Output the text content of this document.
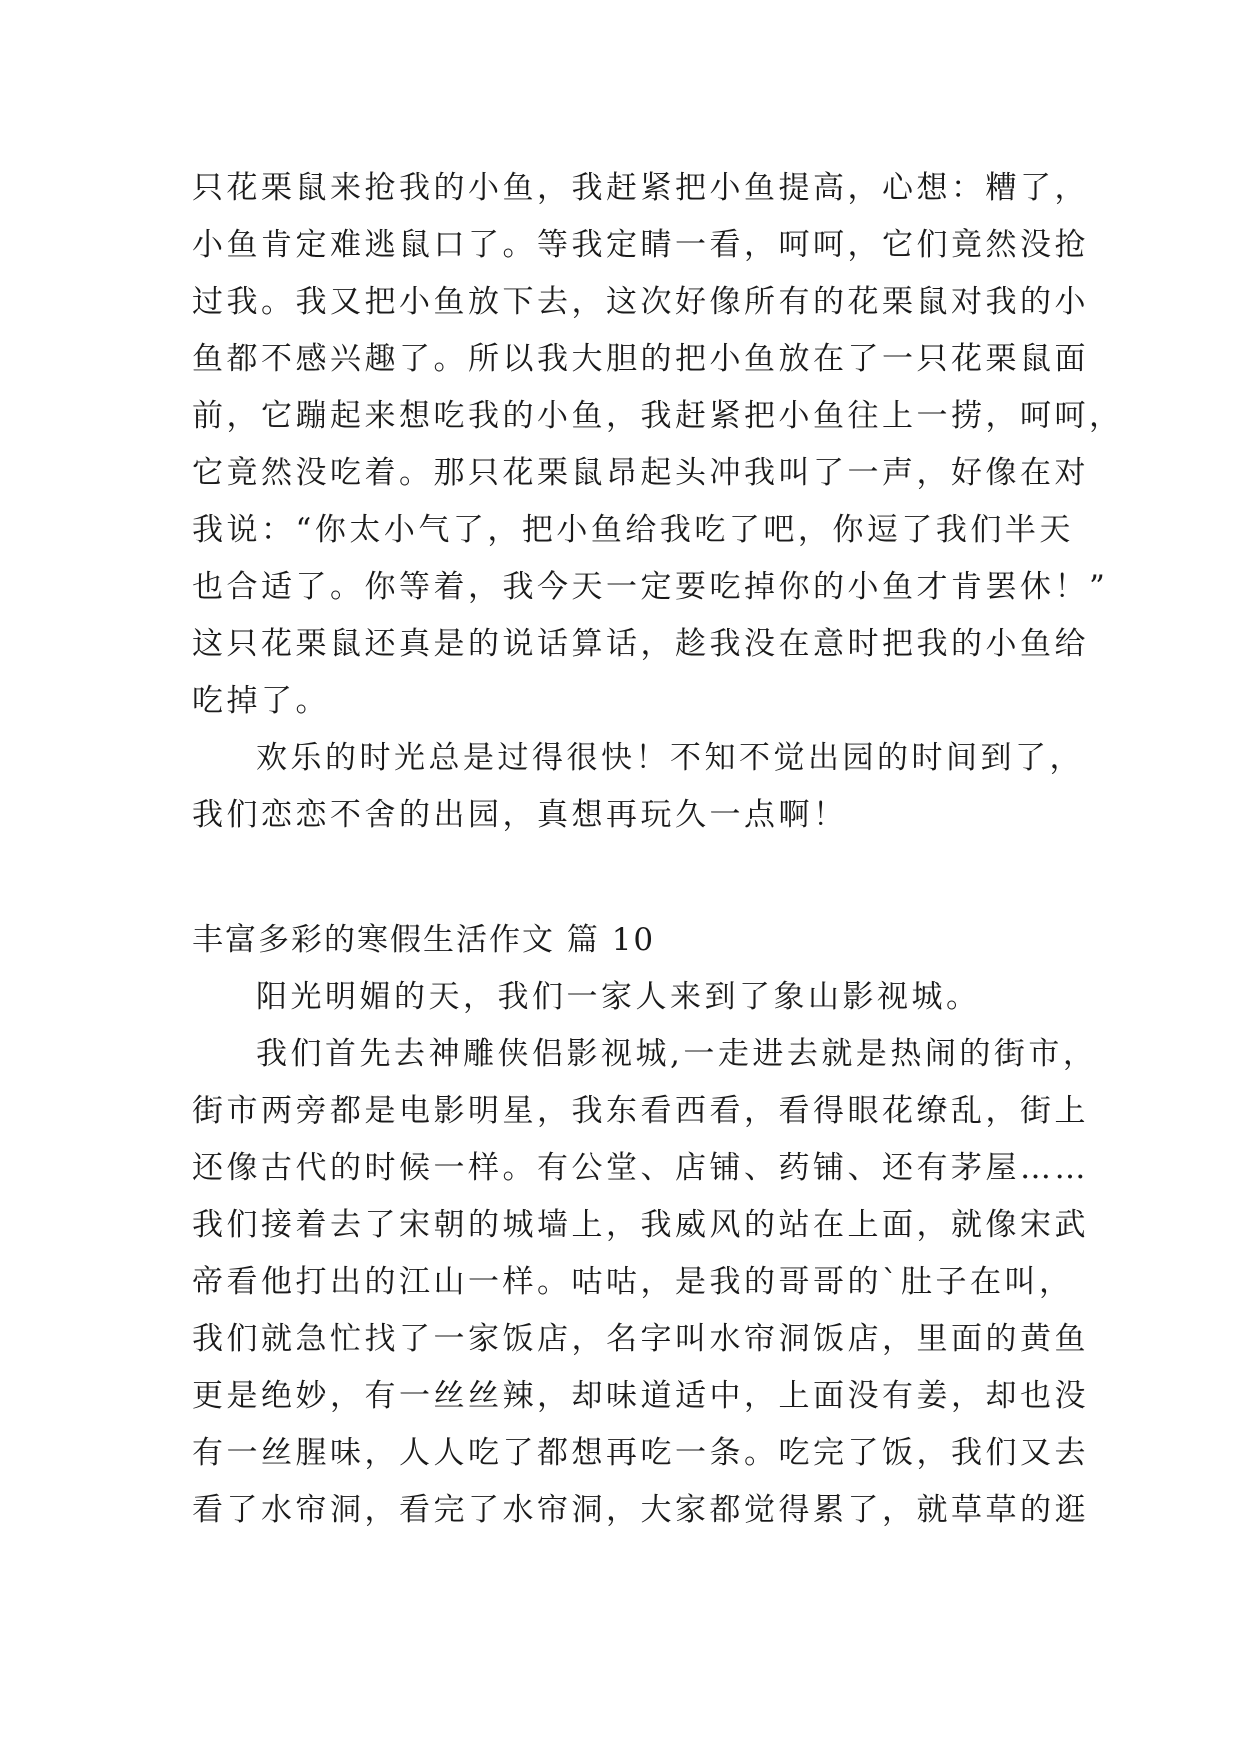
只花栗鼠来抢我的小鱼，我赶紧把小鱼提高，心想：糟了，
小鱼肯定难逃鼠口了。等我定睛一看，呵呵，它们竟然没抢
过我。我又把小鱼放下去，这次好像所有的花栗鼠对我的小
鱼都不感兴趣了。所以我大胆的把小鱼放在了一只花栗鼠面
前，它蹦起来想吃我的小鱼，我赶紧把小鱼往上一捞，呵呵，
它竟然没吃着。那只花栗鼠昂起头冲我叫了一声，好像在对
我说：“你太小气了，把小鱼给我吃了吧，你逗了我们半天
也合适了。你等着，我今天一定要吃掉你的小鱼才肯罢休！”
这只花栗鼠还真是的说话算话，趁我没在意时把我的小鱼给
吃掉了。
欢乐的时光总是过得很快！不知不觉出园的时间到了，
我们恋恋不舍的出园，真想再玩久一点啊！
丰富多彩的寒假生活作文 篇 10
阳光明媚的天，我们一家人来到了象山影视城。
我们首先去神雕侠侣影视城,一走进去就是热闹的街市，
街市两旁都是电影明星，我东看西看，看得眼花缭乱，街上
还像古代的时候一样。有公堂、店铺、药铺、还有茅屋……
我们接着去了宋朝的城墙上，我威风的站在上面，就像宋武
帝看他打出的江山一样。咕咕，是我的哥哥的`肚子在叫，
我们就急忙找了一家饭店，名字叫水帘洞饭店，里面的黄鱼
更是绝妙，有一丝丝辣，却味道适中，上面没有姜，却也没
有一丝腥味，人人吃了都想再吃一条。吃完了饭，我们又去
看了水帘洞，看完了水帘洞，大家都觉得累了，就草草的逛
